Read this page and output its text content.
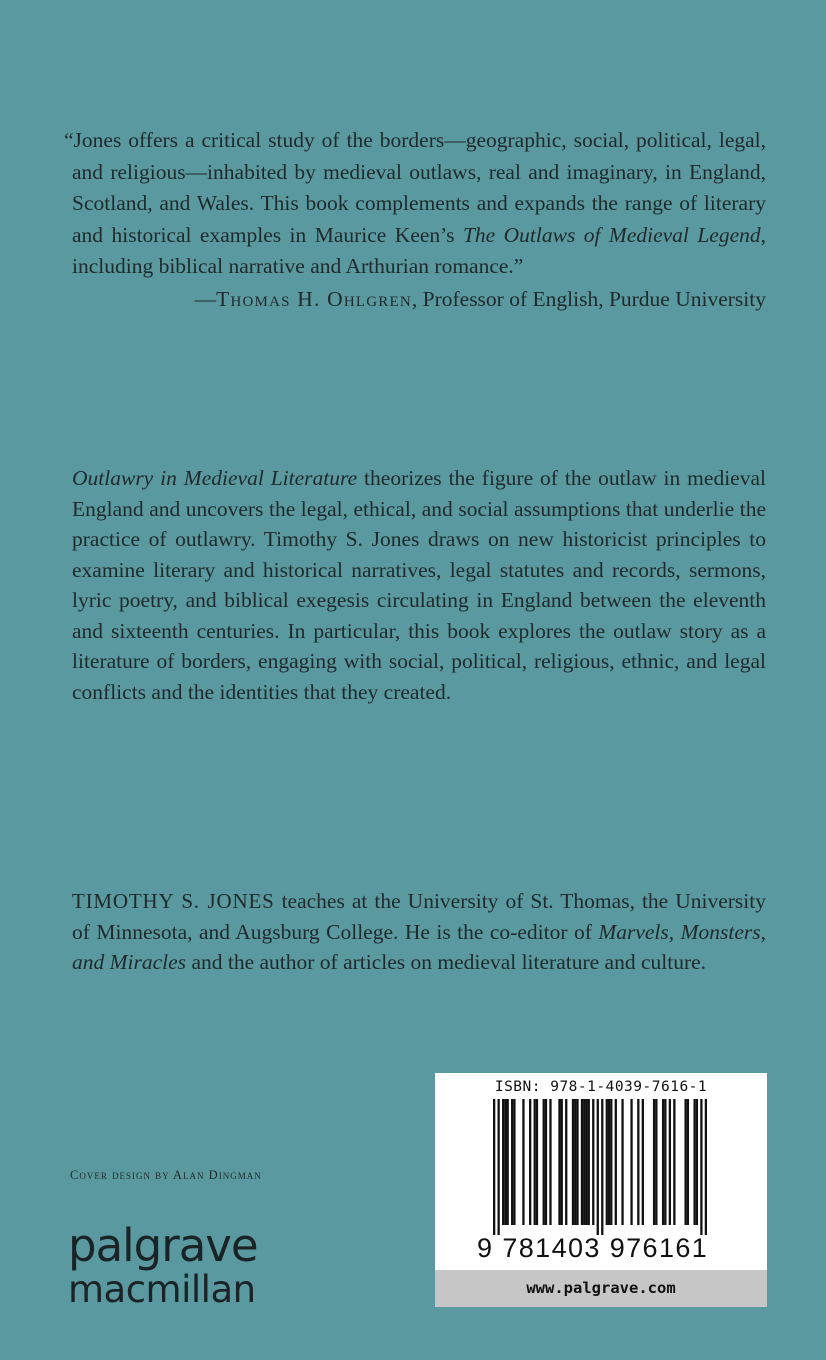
“Jones offers a critical study of the borders—geographic, social, political, legal, and religious—inhabited by medieval outlaws, real and imaginary, in England, Scotland, and Wales. This book complements and expands the range of literary and historical examples in Maurice Keen’s The Outlaws of Medieval Legend, including biblical narrative and Arthurian romance.”

—Thomas H. Ohlgren, Professor of English, Purdue University

Outlawry in Medieval Literature theorizes the figure of the outlaw in medieval England and uncovers the legal, ethical, and social assumptions that underlie the practice of outlawry. Timothy S. Jones draws on new historicist principles to examine literary and historical narratives, legal statutes and records, sermons, lyric poetry, and biblical exegesis circulating in England between the eleventh and sixteenth centuries. In particular, this book explores the outlaw story as a literature of borders, engaging with social, political, religious, ethnic, and legal conflicts and the identities that they created.

TIMOTHY S. JONES teaches at the University of St. Thomas, the University of Minnesota, and Augsburg College. He is the co-editor of Marvels, Monsters, and Miracles and the author of articles on medieval literature and culture.

Cover design by Alan Dingman
palgrave
macmillan
ISBN: 978-1-4039-7616-1
9 781403 976161
www.palgrave.com
